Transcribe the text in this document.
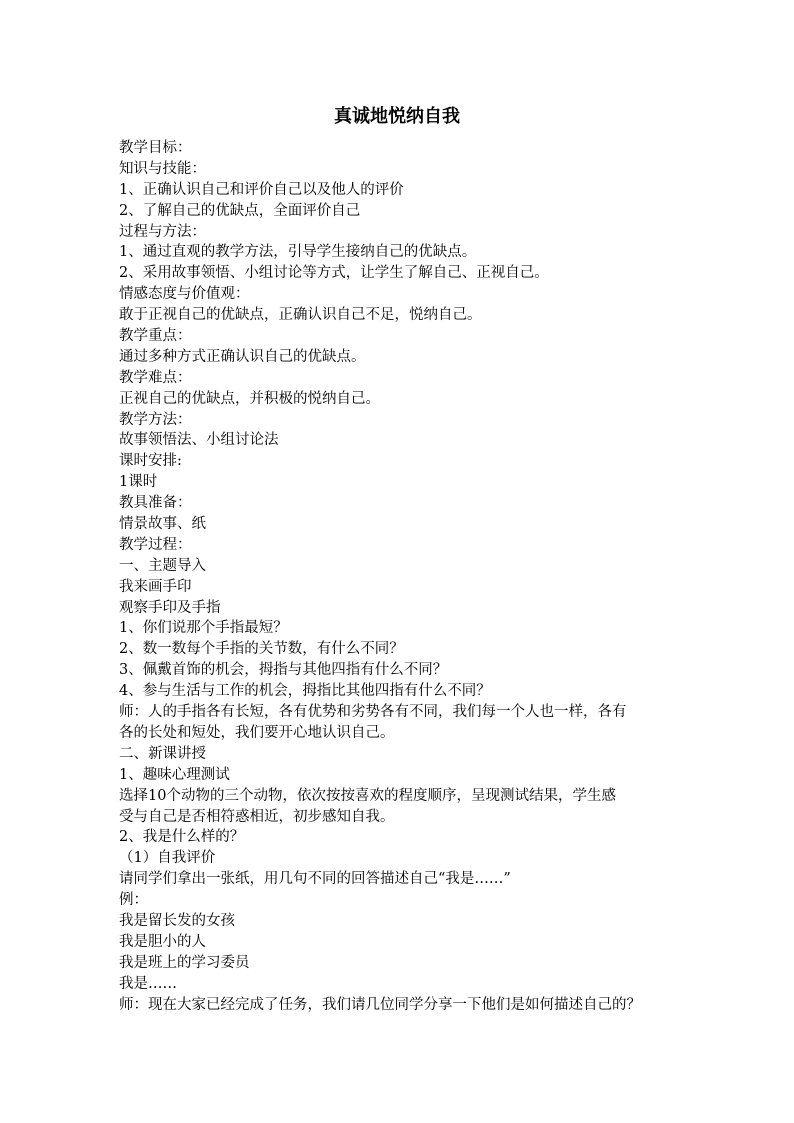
真诚地悦纳自我

教学目标：

知识与技能：

1、正确认识自己和评价自己以及他人的评价

2、了解自己的优缺点，全面评价自己

过程与方法：

1、通过直观的教学方法，引导学生接纳自己的优缺点。

2、采用故事领悟、小组讨论等方式，让学生了解自己、正视自己。

情感态度与价值观：

敢于正视自己的优缺点，正确认识自己不足，悦纳自己。

教学重点：

通过多种方式正确认识自己的优缺点。

教学难点：

正视自己的优缺点，并积极的悦纳自己。

教学方法：

故事领悟法、小组讨论法

课时安排:

1课时

教具准备：

情景故事、纸

教学过程：

一、主题导入

我来画手印

观察手印及手指

1、你们说那个手指最短？

2、数一数每个手指的关节数，有什么不同？

3、佩戴首饰的机会，拇指与其他四指有什么不同？

4、参与生活与工作的机会，拇指比其他四指有什么不同？

师：人的手指各有长短，各有优势和劣势各有不同，我们每一个人也一样，各有

各的长处和短处，我们要开心地认识自己。

二、新课讲授

1、趣味心理测试

选择10个动物的三个动物，依次按按喜欢的程度顺序，呈现测试结果，学生感

受与自己是否相符惑相近，初步感知自我。

2、我是什么样的？

（1）自我评价

请同学们拿出一张纸，用几句不同的回答描述自己“我是……”

例：

我是留长发的女孩

我是胆小的人

我是班上的学习委员

我是……

师：现在大家已经完成了任务，我们请几位同学分享一下他们是如何描述自己的？
